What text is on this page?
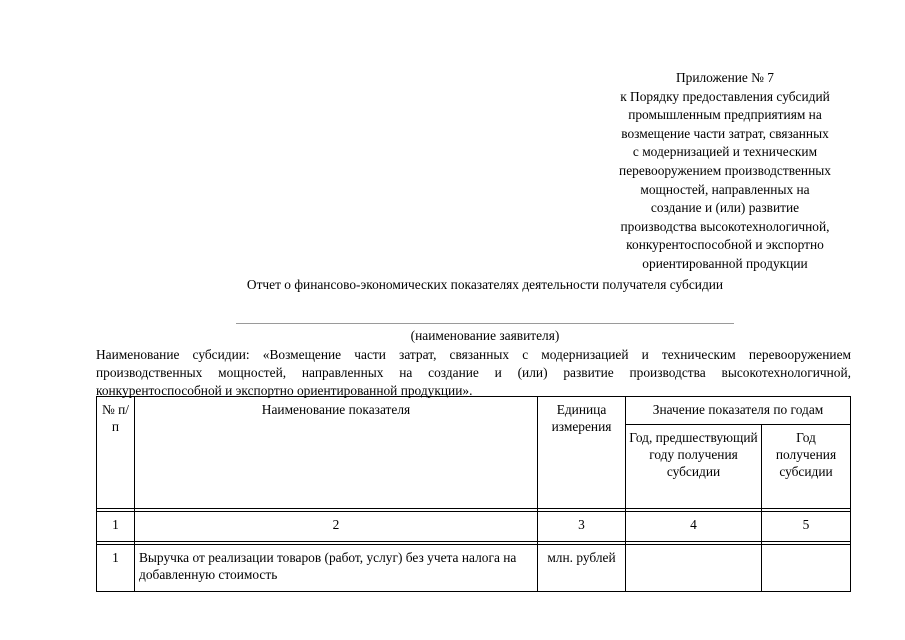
Приложение № 7
к Порядку предоставления субсидий
промышленным предприятиям на
возмещение части затрат, связанных
с модернизацией и техническим
перевооружением производственных
мощностей, направленных на
создание и (или) развитие
производства высокотехнологичной,
конкурентоспособной и экспортно
ориентированной продукции
Отчет о финансово-экономических показателях деятельности получателя субсидии
(наименование заявителя)
Наименование субсидии: «Возмещение части затрат, связанных с модернизацией и техническим перевооружением
производственных мощностей, направленных на создание и (или) развитие производства высокотехнологичной,
конкурентоспособной и экспортно ориентированной продукции».
№ п/п	Наименование показателя	Единица измерения	Значение показателя по годам	
			Год, предшествующий году получения субсидии	Год получения субсидии

1	2	3	4	5

1	Выручка от реализации товаров (работ, услуг) без учета налога на добавленную стоимость	млн. рублей		
